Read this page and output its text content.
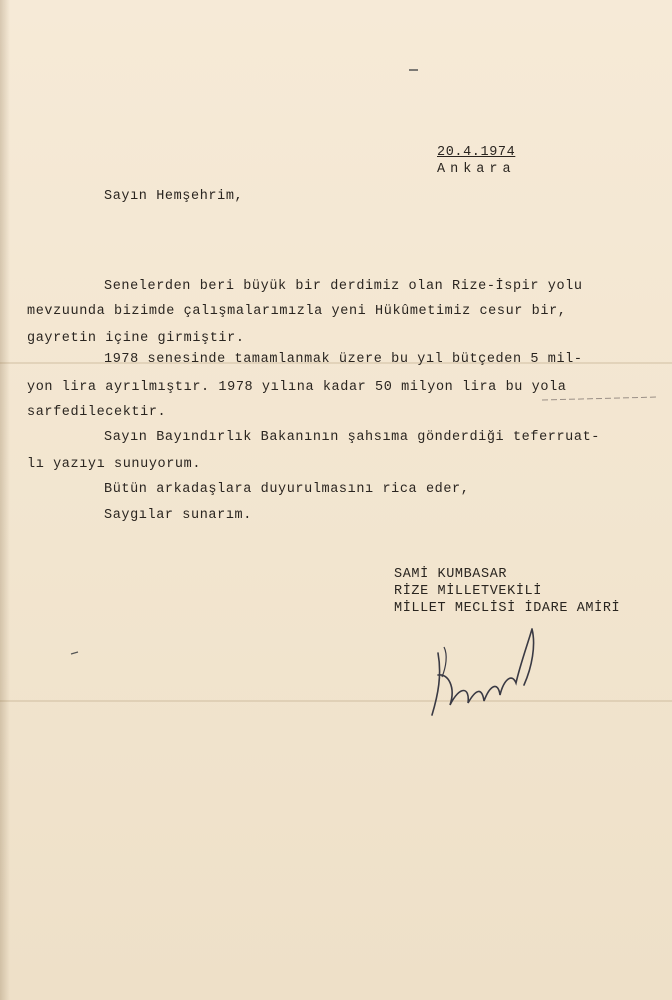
20.4.1974
Ankara
Sayın Hemşehrim,
Senelerden beri büyük bir derdimiz olan Rize-İspir yolu
mevzuunda bizimde çalışmalarımızla yeni Hükûmetimiz cesur bir,
gayretin içine girmiştir.
1978 senesinde tamamlanmak üzere bu yıl bütçeden 5 mil-
yon lira ayrılmıştır. 1978 yılına kadar 50 milyon lira bu yola
sarfedilecektir.
Sayın Bayındırlık Bakanının şahsıma gönderdiği teferruat-
lı yazıyı sunuyorum.
Bütün arkadaşlara duyurulmasını rica eder,
Saygılar sunarım.
SAMİ KUMBASAR
RİZE MİLLETVEKİLİ
MİLLET MECLİSİ İDARE AMİRİ
